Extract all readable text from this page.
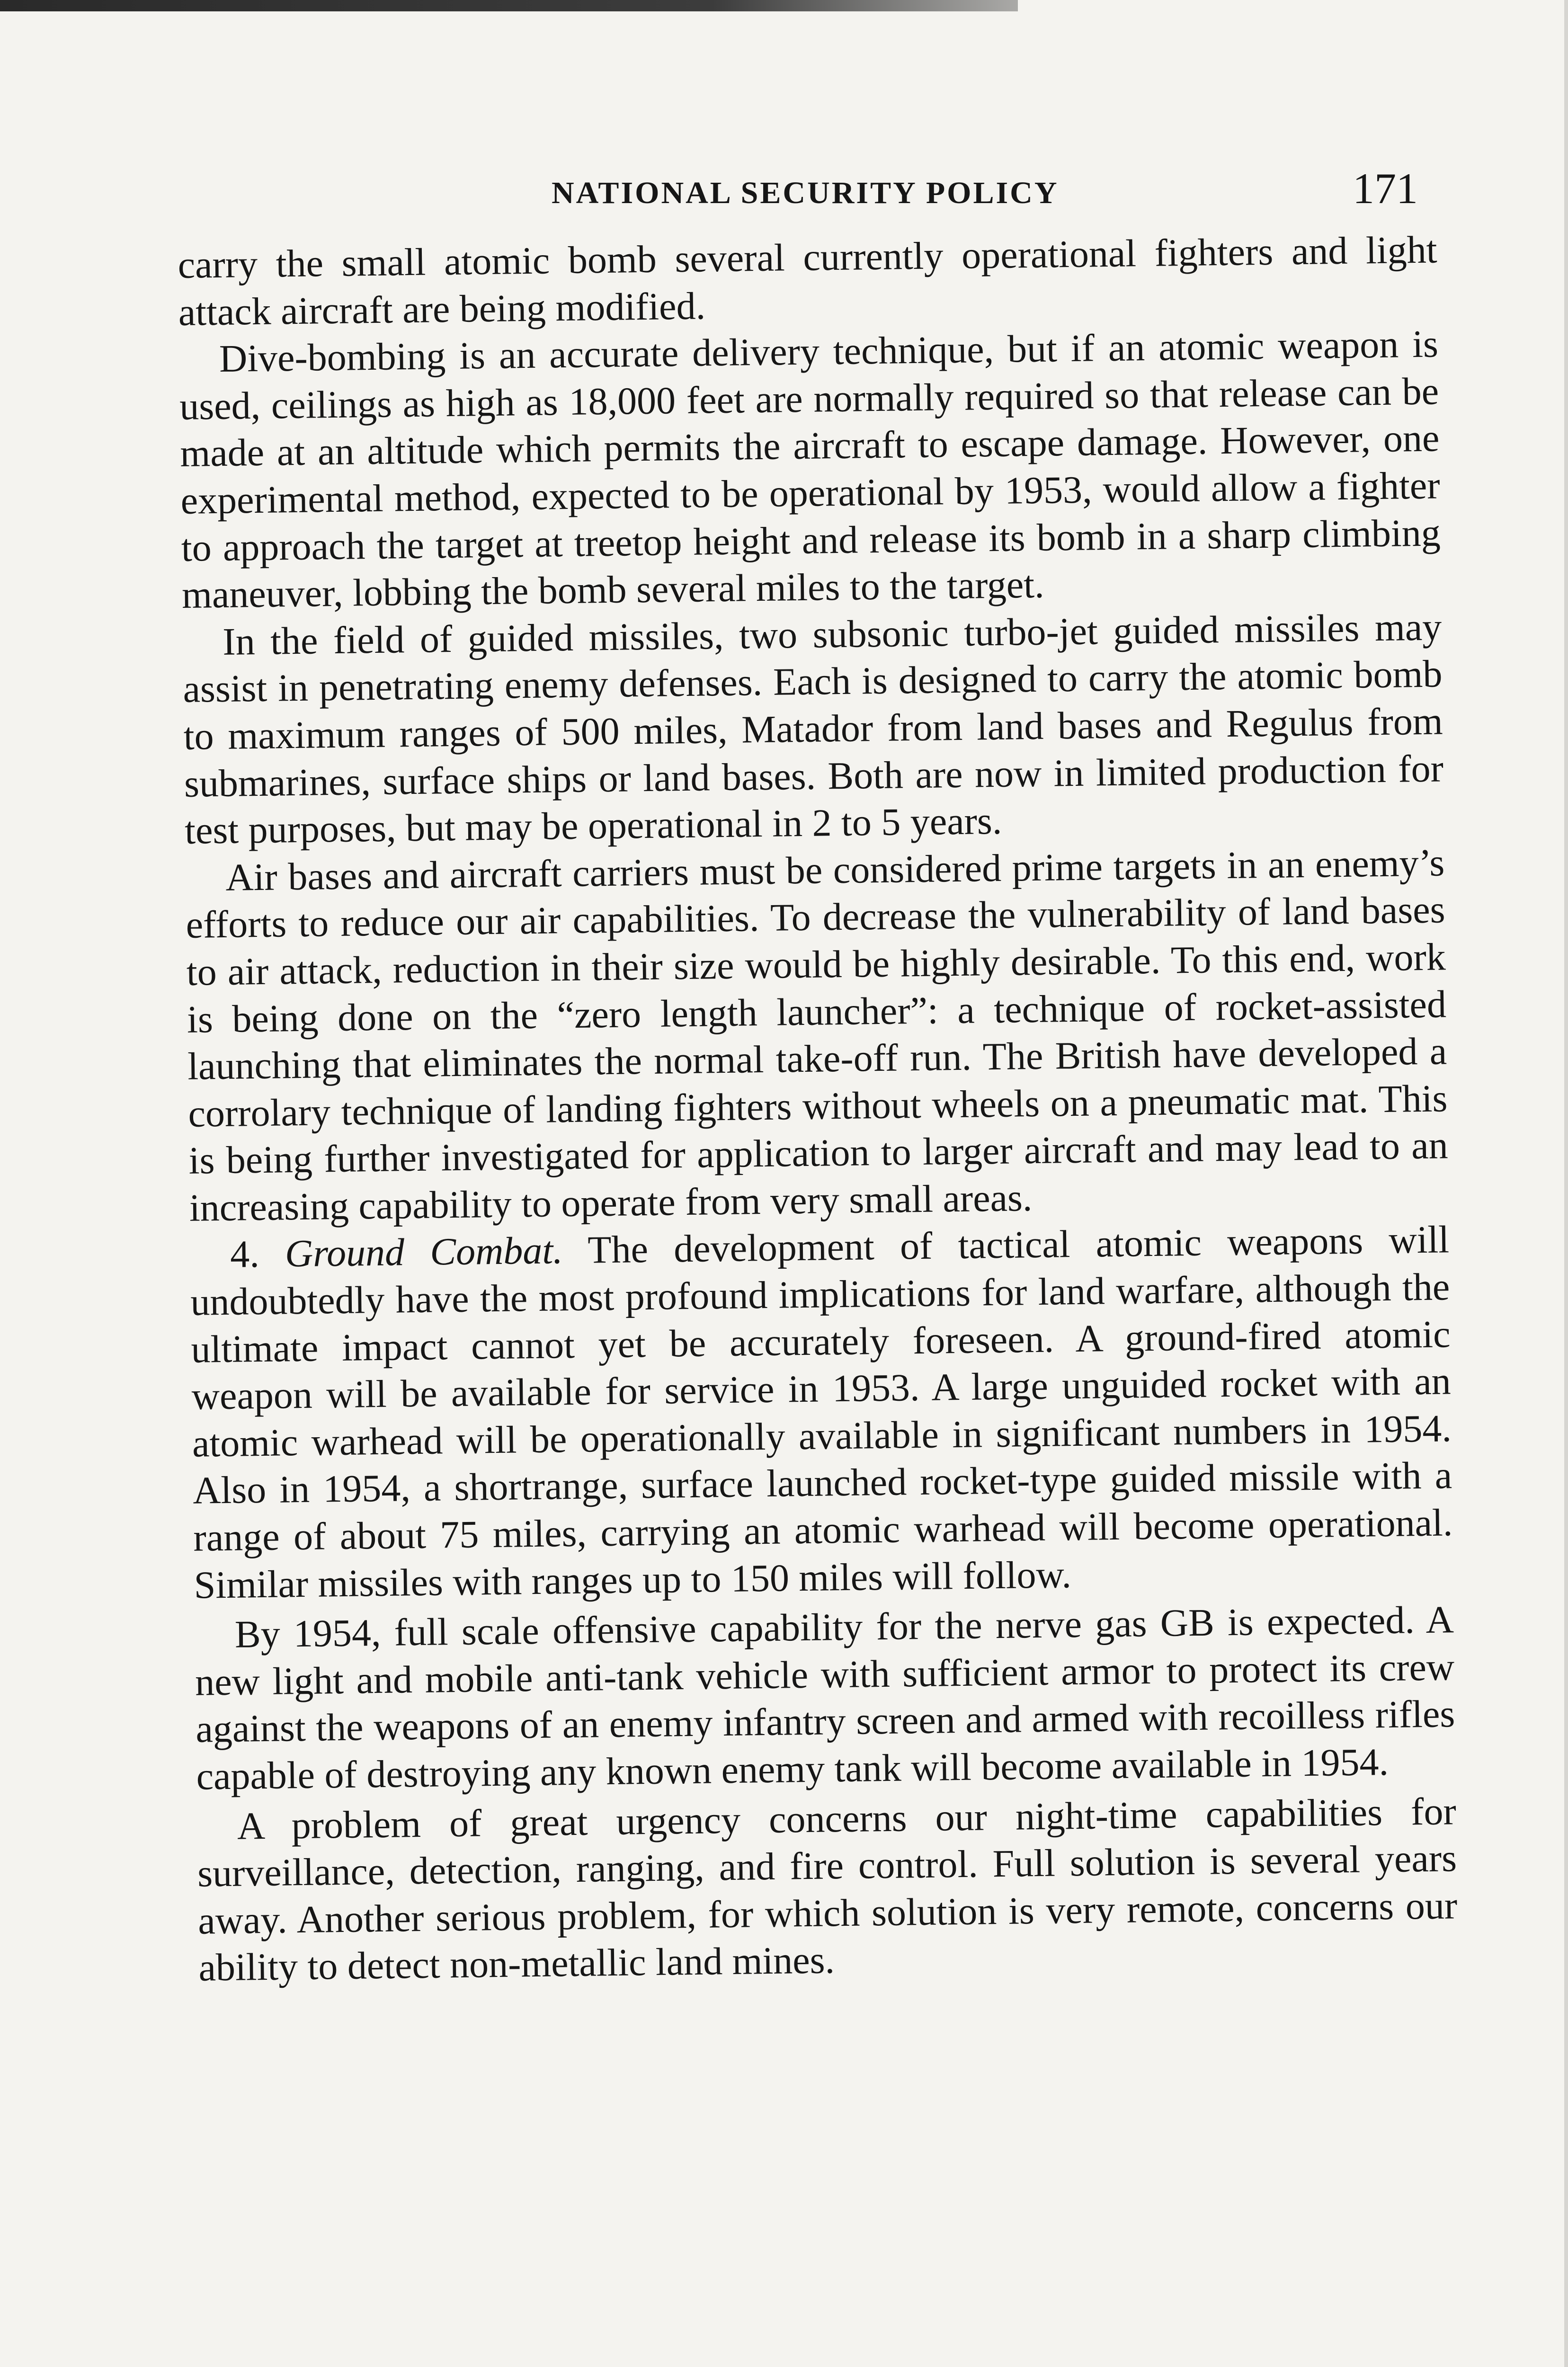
NATIONAL SECURITY POLICY	171

carry the small atomic bomb several currently operational fighters and light attack aircraft are being modified.

Dive-bombing is an accurate delivery technique, but if an atomic weapon is used, ceilings as high as 18,000 feet are normally required so that release can be made at an altitude which permits the aircraft to escape damage. However, one experimental method, expected to be operational by 1953, would allow a fighter to approach the target at treetop height and release its bomb in a sharp climbing maneuver, lobbing the bomb several miles to the target.

In the field of guided missiles, two subsonic turbo-jet guided missiles may assist in penetrating enemy defenses. Each is designed to carry the atomic bomb to maximum ranges of 500 miles, Matador from land bases and Regulus from submarines, surface ships or land bases. Both are now in limited production for test purposes, but may be operational in 2 to 5 years.

Air bases and aircraft carriers must be considered prime targets in an enemy’s efforts to reduce our air capabilities. To decrease the vulnerability of land bases to air attack, reduction in their size would be highly desirable. To this end, work is being done on the “zero length launcher”: a technique of rocket-assisted launching that eliminates the normal take-off run. The British have developed a corrolary technique of landing fighters without wheels on a pneumatic mat. This is being further investigated for application to larger aircraft and may lead to an increasing capability to operate from very small areas.

4. Ground Combat. The development of tactical atomic weapons will undoubtedly have the most profound implications for land warfare, although the ultimate impact cannot yet be accurately foreseen. A ground-fired atomic weapon will be available for service in 1953. A large unguided rocket with an atomic warhead will be operationally available in significant numbers in 1954. Also in 1954, a shortrange, surface launched rocket-type guided missile with a range of about 75 miles, carrying an atomic warhead will become operational. Similar missiles with ranges up to 150 miles will follow.

By 1954, full scale offensive capability for the nerve gas GB is expected. A new light and mobile anti-tank vehicle with sufficient armor to protect its crew against the weapons of an enemy infantry screen and armed with recoilless rifles capable of destroying any known enemy tank will become available in 1954.

A problem of great urgency concerns our night-time capabilities for surveillance, detection, ranging, and fire control. Full solution is several years away. Another serious problem, for which solution is very remote, concerns our ability to detect non-metallic land mines.
